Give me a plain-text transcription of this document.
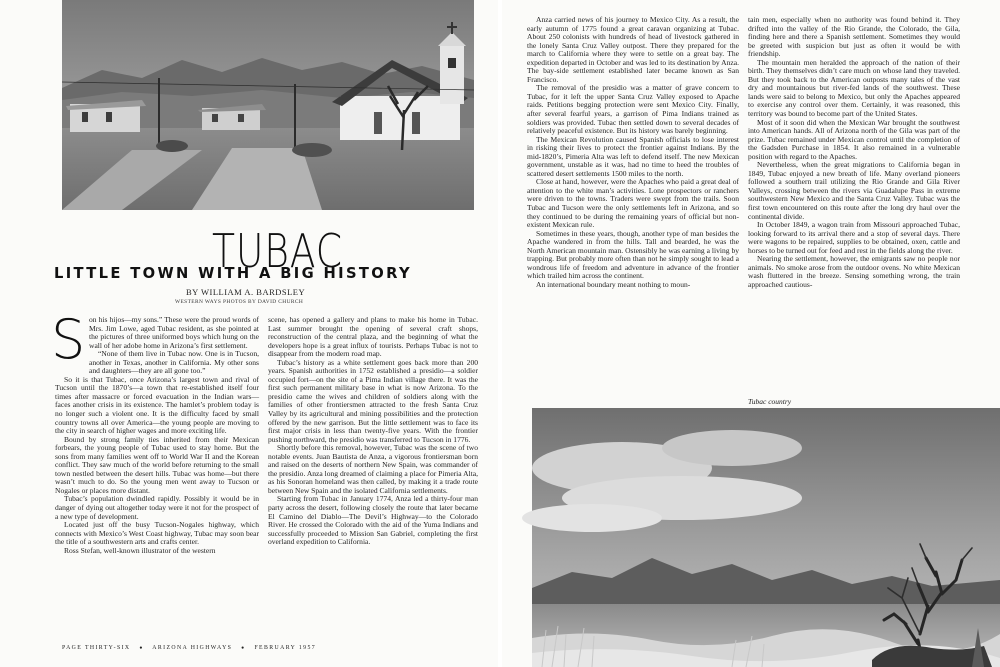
TUBAC
LITTLE TOWN WITH A BIG HISTORY
BY WILLIAM A. BARDSLEY
WESTERN WAYS PHOTOS BY DAVID CHURCH
S on his hijos—my sons.” These were the proud words of Mrs. Jim Lowe, aged Tubac resident, as she pointed at the pictures of three uniformed boys which hung on the wall of her adobe home in Arizona’s first settlement.

“None of them live in Tubac now. One is in Tucson, another in Texas, another in California. My other sons and daughters—they are all gone too.”

So it is that Tubac, once Arizona’s largest town and rival of Tucson until the 1870’s—a town that re-established itself four times after massacre or forced evacuation in the Indian wars—faces another crisis in its existence. The hamlet’s problem today is no longer such a violent one. It is the difficulty faced by small country towns all over America—the young people are moving to the city in search of higher wages and more exciting life.

Bound by strong family ties inherited from their Mexican forbears, the young people of Tubac used to stay home. But the sons from many families went off to World War II and the Korean conflict. They saw much of the world before returning to the small town nestled between the desert hills. Tubac was home—but there wasn’t much to do. So the young men went away to Tucson or Nogales or places more distant.

Tubac’s population dwindled rapidly. Possibly it would be in danger of dying out altogether today were it not for the prospect of a new type of development.

Located just off the busy Tucson-Nogales highway, which connects with Mexico’s West Coast highway, Tubac may soon bear the title of a southwestern arts and crafts center.

Ross Stefan, well-known illustrator of the western

scene, has opened a gallery and plans to make his home in Tubac. Last summer brought the opening of several craft shops, reconstruction of the central plaza, and the beginning of what the developers hope is a great influx of tourists. Perhaps Tubac is not to disappear from the modern road map.

Tubac’s history as a white settlement goes back more than 200 years. Spanish authorities in 1752 established a presidio—a soldier occupied fort—on the site of a Pima Indian village there. It was the first such permanent military base in what is now Arizona. To the presidio came the wives and children of soldiers along with the families of other frontiersmen attracted to the fresh Santa Cruz Valley by its agricultural and mining possibilities and the protection offered by the new garrison. But the little settlement was to face its first major crisis in less than twenty-five years. With the frontier pushing northward, the presidio was transferred to Tucson in 1776.

Shortly before this removal, however, Tubac was the scene of two notable events. Juan Bautista de Anza, a vigorous frontiersman born and raised on the deserts of northern New Spain, was commander of the presidio. Anza long dreamed of claiming a place for Pimeria Alta, as his Sonoran homeland was then called, by making it a trade route between New Spain and the isolated California settlements.

Starting from Tubac in January 1774, Anza led a thirty-four man party across the desert, following closely the route that later became El Camino del Diablo—The Devil’s Highway—to the Colorado River. He crossed the Colorado with the aid of the Yuma Indians and successfully proceeded to Mission San Gabriel, completing the first overland expedition to California.

PAGE THIRTY-SIX ● ARIZONA HIGHWAYS ● FEBRUARY 1957

Anza carried news of his journey to Mexico City. As a result, the early autumn of 1775 found a great caravan organizing at Tubac. About 250 colonists with hundreds of head of livestock gathered in the lonely Santa Cruz Valley outpost. There they prepared for the march to California where they were to settle on a great bay. The expedition departed in October and was led to its destination by Anza. The bay-side settlement established later became known as San Francisco.

The removal of the presidio was a matter of grave concern to Tubac, for it left the upper Santa Cruz Valley exposed to Apache raids. Petitions begging protection were sent Mexico City. Finally, after several fearful years, a garrison of Pima Indians trained as soldiers was provided. Tubac then settled down to several decades of relatively peaceful existence. But its history was barely beginning.

The Mexican Revolution caused Spanish officials to lose interest in risking their lives to protect the frontier against Indians. By the mid-1820’s, Pimeria Alta was left to defend itself. The new Mexican government, unstable as it was, had no time to heed the troubles of scattered desert settlements 1500 miles to the north.

Close at hand, however, were the Apaches who paid a great deal of attention to the white man’s activities. Lone prospectors or ranchers were driven to the towns. Traders were swept from the trails. Soon Tubac and Tucson were the only settlements left in Arizona, and so they continued to be during the remaining years of official but non-existent Mexican rule.

Sometimes in these years, though, another type of man besides the Apache wandered in from the hills. Tall and bearded, he was the North American mountain man. Ostensibly he was earning a living by trapping. But probably more often than not he simply sought to lead a wondrous life of freedom and adventure in advance of the frontier which trailed him across the continent.

An international boundary meant nothing to moun-

tain men, especially when no authority was found behind it. They drifted into the valley of the Rio Grande, the Colorado, the Gila, finding here and there a Spanish settlement. Sometimes they would be greeted with suspicion but just as often it would be with friendship.

The mountain men heralded the approach of the nation of their birth. They themselves didn’t care much on whose land they traveled. But they took back to the American outposts many tales of the vast dry and mountainous but river-fed lands of the southwest. These lands were said to belong to Mexico, but only the Apaches appeared to exercise any control over them. Certainly, it was reasoned, this territory was bound to become part of the United States.

Most of it soon did when the Mexican War brought the southwest into American hands. All of Arizona north of the Gila was part of the prize. Tubac remained under Mexican control until the completion of the Gadsden Purchase in 1854. It also remained in a vulnerable position with regard to the Apaches.

Nevertheless, when the great migrations to California began in 1849, Tubac enjoyed a new breath of life. Many overland pioneers followed a southern trail utilizing the Rio Grande and Gila River Valleys, crossing between the rivers via Guadalupe Pass in extreme southwestern New Mexico and the Santa Cruz Valley. Tubac was the first town encountered on this route after the long dry haul over the continental divide.

In October 1849, a wagon train from Missouri approached Tubac, looking forward to its arrival there and a stop of several days. There were wagons to be repaired, supplies to be obtained, oxen, cattle and horses to be turned out for feed and rest in the fields along the river.

Nearing the settlement, however, the emigrants saw no people nor animals. No smoke arose from the outdoor ovens. No white Mexican wash fluttered in the breeze. Sensing something wrong, the train approached cautious-

Tubac country
